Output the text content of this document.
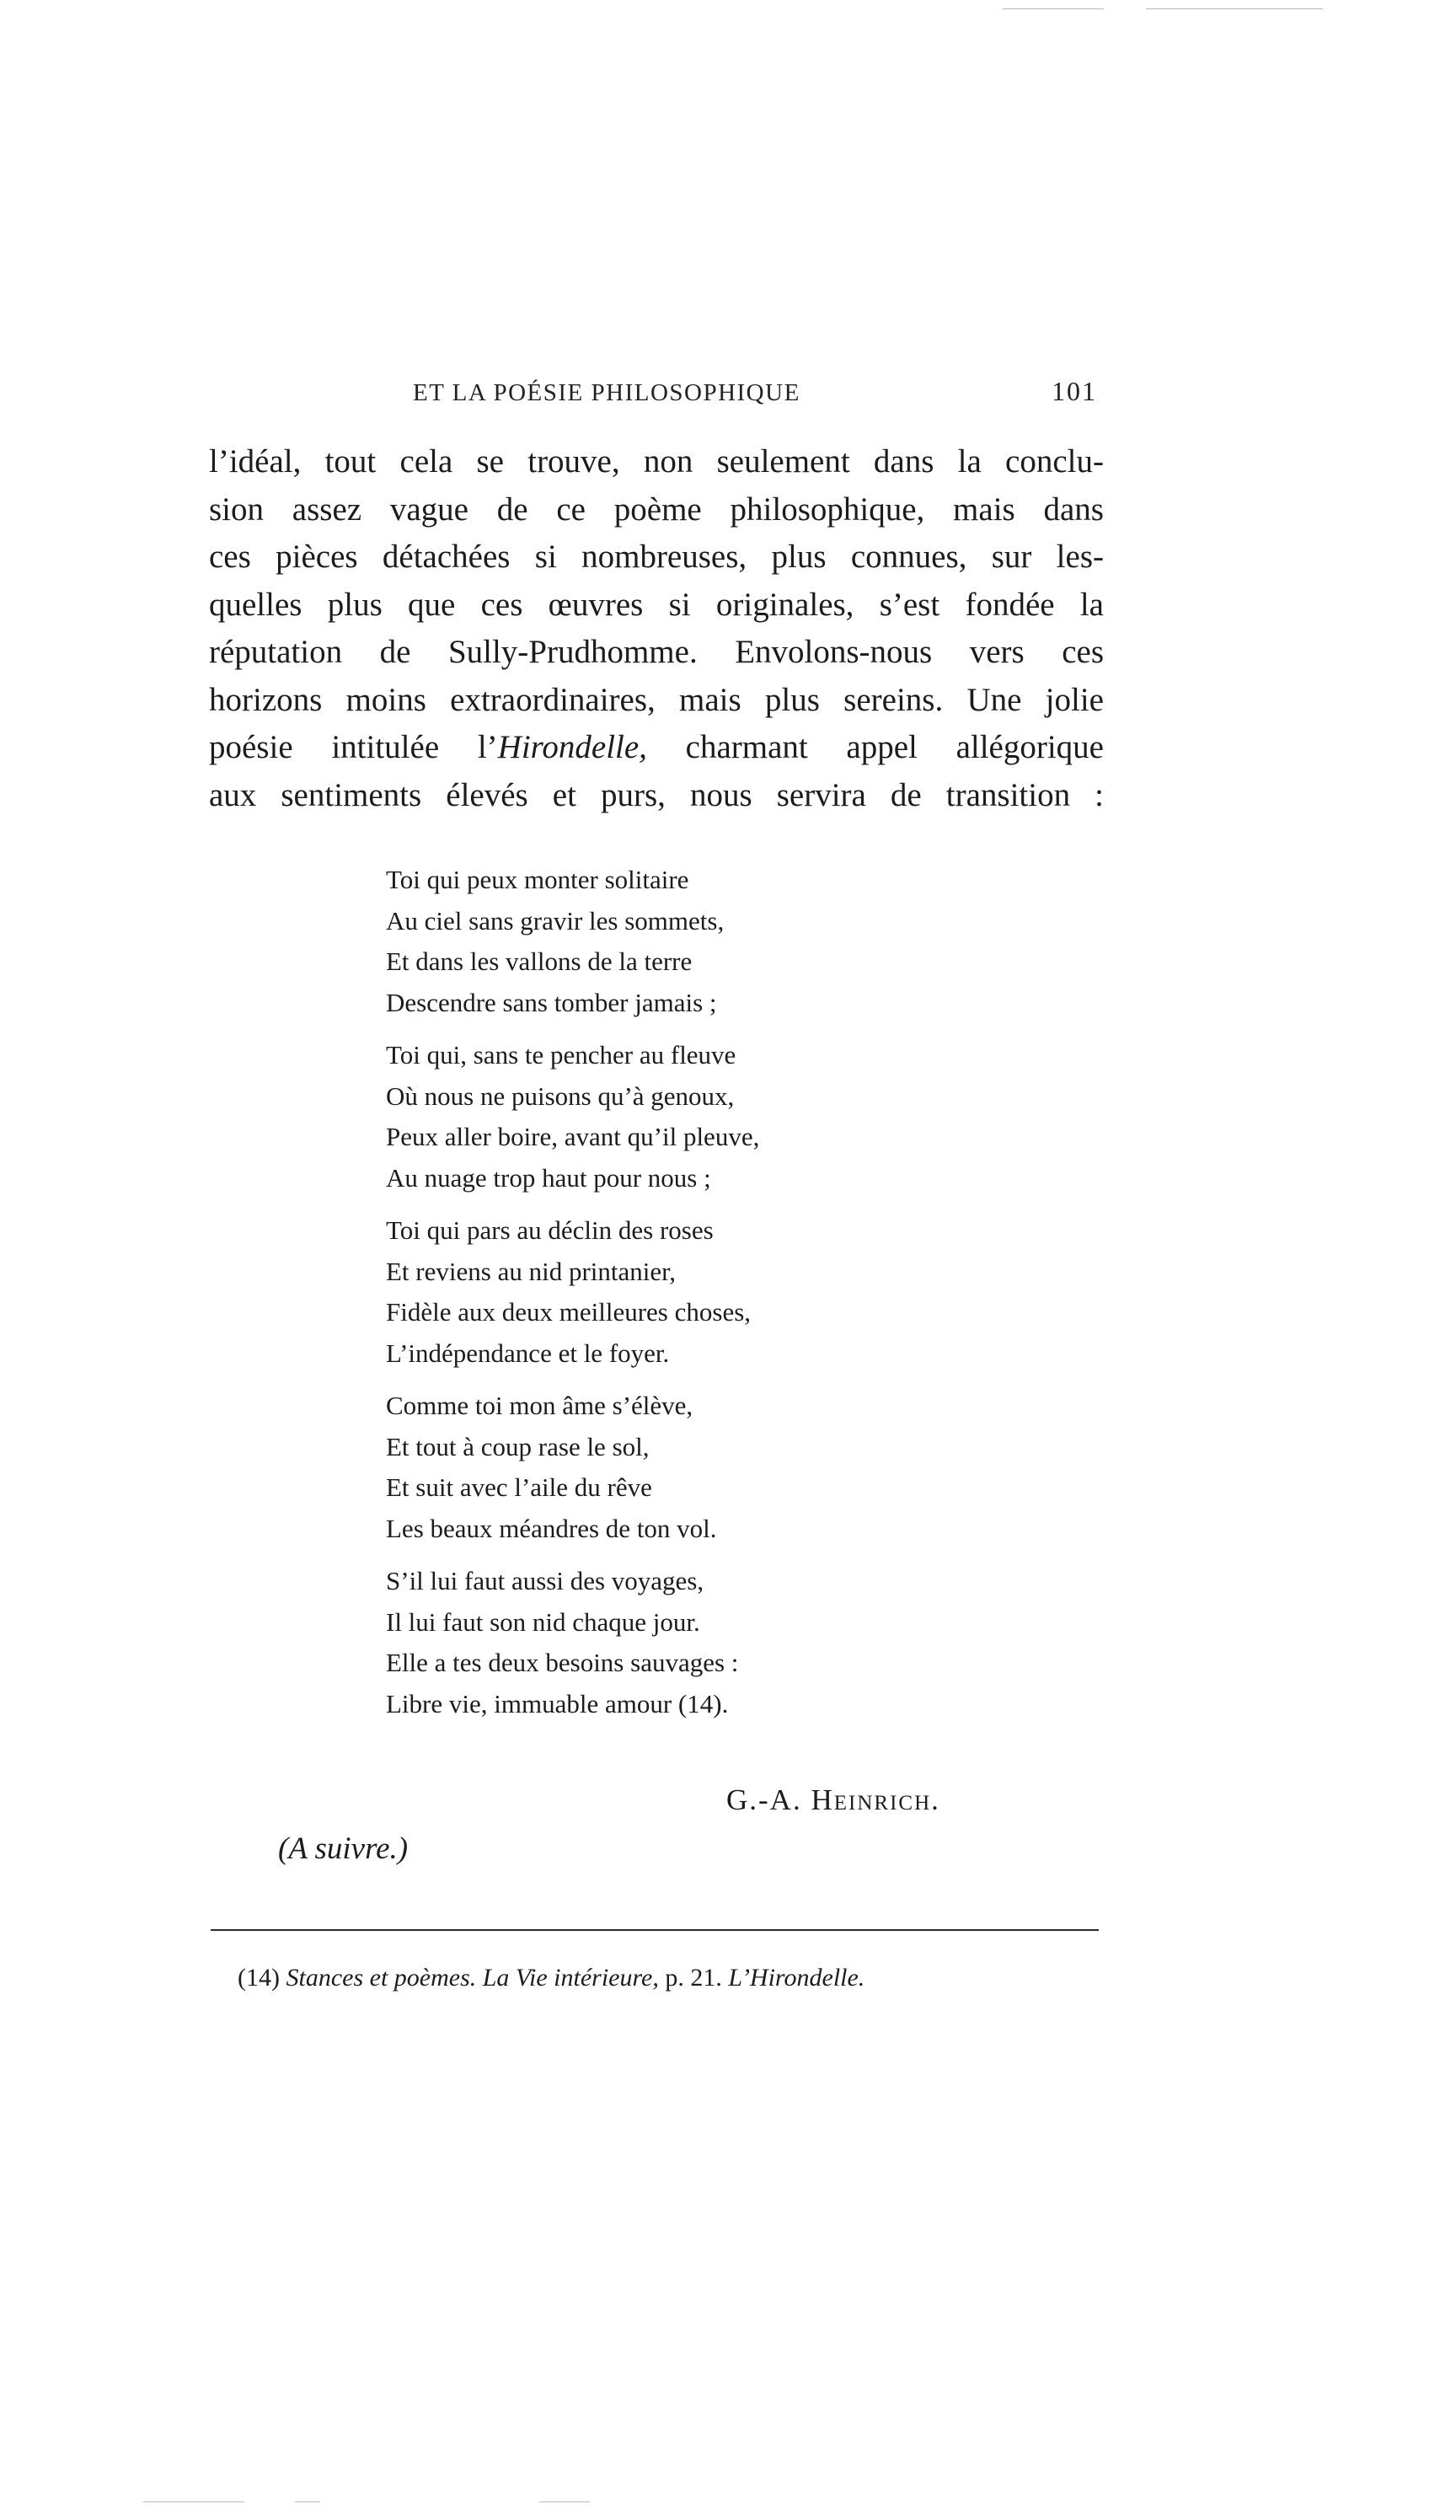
ET LA POÉSIE PHILOSOPHIQUE	101
l’idéal, tout cela se trouve, non seulement dans la conclu-
sion assez vague de ce poème philosophique, mais dans
ces pièces détachées si nombreuses, plus connues, sur les-
quelles plus que ces œuvres si originales, s’est fondée la
réputation de Sully-Prudhomme. Envolons-nous vers ces
horizons moins extraordinaires, mais plus sereins. Une jolie
poésie intitulée l’Hirondelle, charmant appel allégorique
aux sentiments élevés et purs, nous servira de transition :
Toi qui peux monter solitaire
Au ciel sans gravir les sommets,
Et dans les vallons de la terre
Descendre sans tomber jamais ;
Toi qui, sans te pencher au fleuve
Où nous ne puisons qu’à genoux,
Peux aller boire, avant qu’il pleuve,
Au nuage trop haut pour nous ;
Toi qui pars au déclin des roses
Et reviens au nid printanier,
Fidèle aux deux meilleures choses,
L’indépendance et le foyer.
Comme toi mon âme s’élève,
Et tout à coup rase le sol,
Et suit avec l’aile du rêve
Les beaux méandres de ton vol.
S’il lui faut aussi des voyages,
Il lui faut son nid chaque jour.
Elle a tes deux besoins sauvages :
Libre vie, immuable amour (14).
G.-A. Heinrich.
(A suivre.)
(14) Stances et poèmes. La Vie intérieure, p. 21. L’Hirondelle.
